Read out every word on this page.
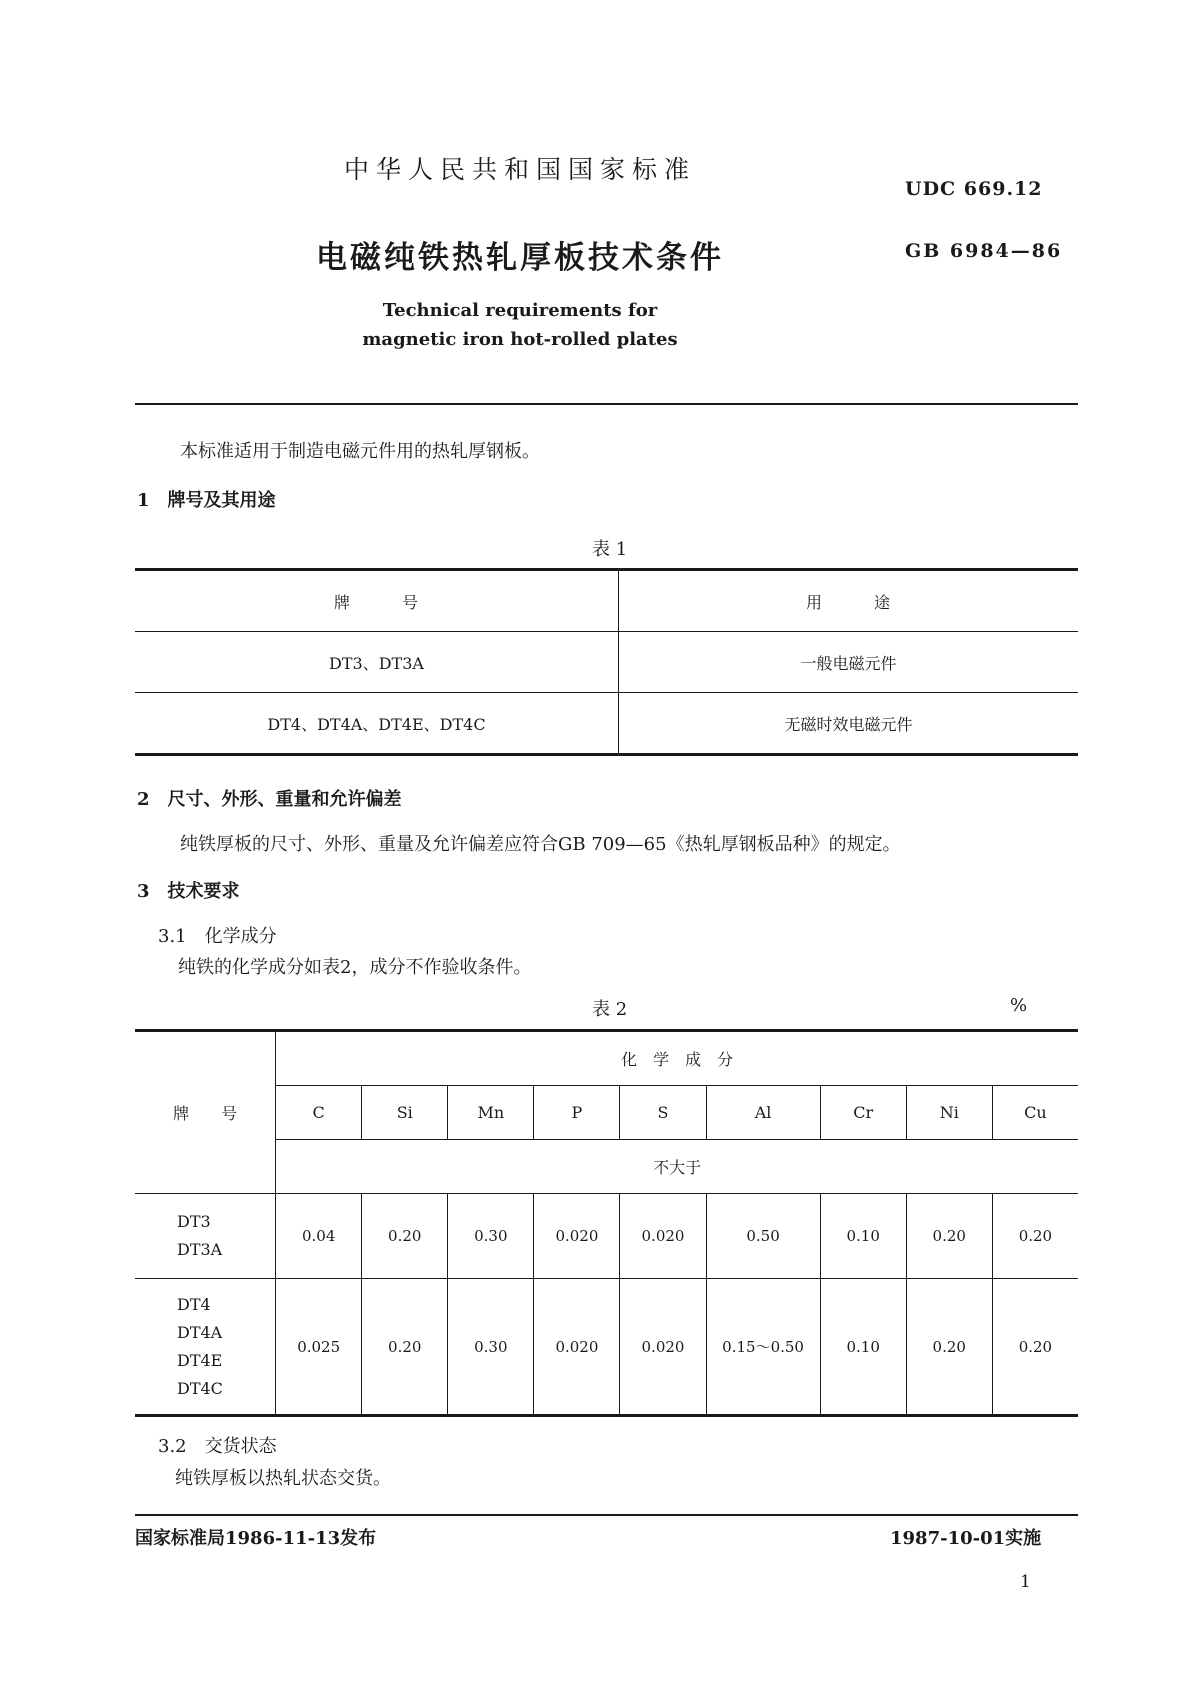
中华人民共和国国家标准
UDC 669.12
电磁纯铁热轧厚板技术条件	GB 6984—86
Technical requirements for
magnetic iron hot-rolled plates
本标准适用于制造电磁元件用的热轧厚钢板。
1　牌号及其用途
表 1
牌　　　号	用　　　途
DT3、DT3A	一般电磁元件
DT4、DT4A、DT4E、DT4C	无磁时效电磁元件
2　尺寸、外形、重量和允许偏差
纯铁厚板的尺寸、外形、重量及允许偏差应符合GB 709—65《热轧厚钢板品种》的规定。
3　技术要求
3.1　化学成分
纯铁的化学成分如表2，成分不作验收条件。
表 2	%
牌　　号	化　学　成　分								
	C	Si	Mn	P	S	Al	Cr	Ni	Cu
	不大于								

DT3
DT3A	0.04	0.20	0.30	0.020	0.020	0.50	0.10	0.20	0.20

DT4
DT4A
DT4E
DT4C	0.025	0.20	0.30	0.020	0.020	0.15～0.50	0.10	0.20	0.20
3.2　交货状态
纯铁厚板以热轧状态交货。
国家标准局1986-11-13发布	1987-10-01实施
1
